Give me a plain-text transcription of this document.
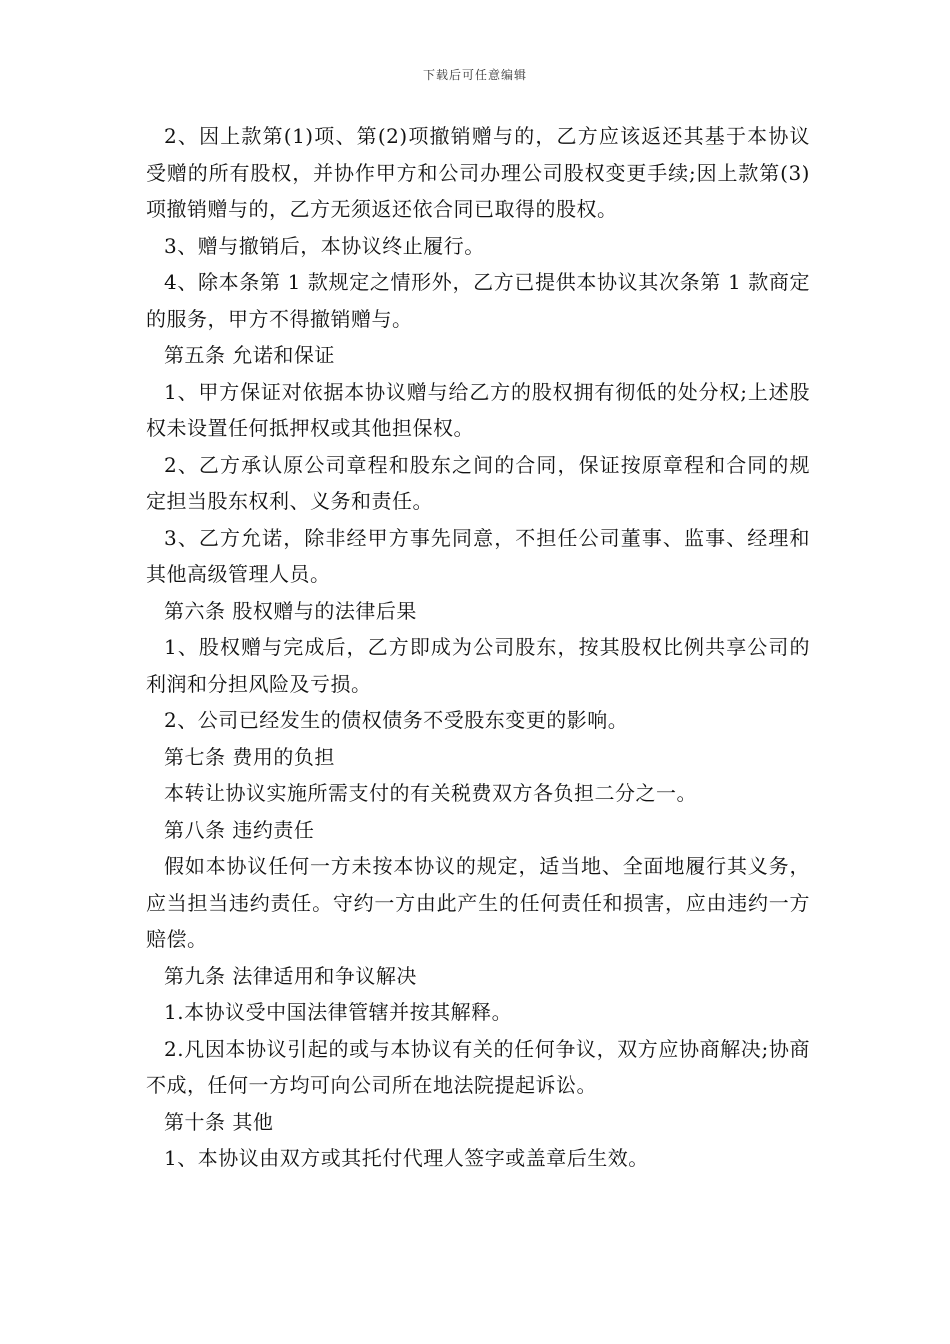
下载后可任意编辑

2、因上款第(1)项、第(2)项撤销赠与的，乙方应该返还其基于本协议受赠的所有股权，并协作甲方和公司办理公司股权变更手续;因上款第(3)项撤销赠与的，乙方无须返还依合同已取得的股权。

3、赠与撤销后，本协议终止履行。

4、除本条第 1 款规定之情形外，乙方已提供本协议其次条第 1 款商定的服务，甲方不得撤销赠与。

第五条 允诺和保证

1、甲方保证对依据本协议赠与给乙方的股权拥有彻低的处分权;上述股权未设置任何抵押权或其他担保权。

2、乙方承认原公司章程和股东之间的合同，保证按原章程和合同的规定担当股东权利、义务和责任。

3、乙方允诺，除非经甲方事先同意，不担任公司董事、监事、经理和其他高级管理人员。

第六条 股权赠与的法律后果

1、股权赠与完成后，乙方即成为公司股东，按其股权比例共享公司的利润和分担风险及亏损。

2、公司已经发生的债权债务不受股东变更的影响。

第七条 费用的负担

本转让协议实施所需支付的有关税费双方各负担二分之一。

第八条 违约责任

假如本协议任何一方未按本协议的规定，适当地、全面地履行其义务，应当担当违约责任。守约一方由此产生的任何责任和损害，应由违约一方赔偿。

第九条 法律适用和争议解决

1.本协议受中国法律管辖并按其解释。

2.凡因本协议引起的或与本协议有关的任何争议，双方应协商解决;协商不成，任何一方均可向公司所在地法院提起诉讼。

第十条 其他

1、本协议由双方或其托付代理人签字或盖章后生效。
